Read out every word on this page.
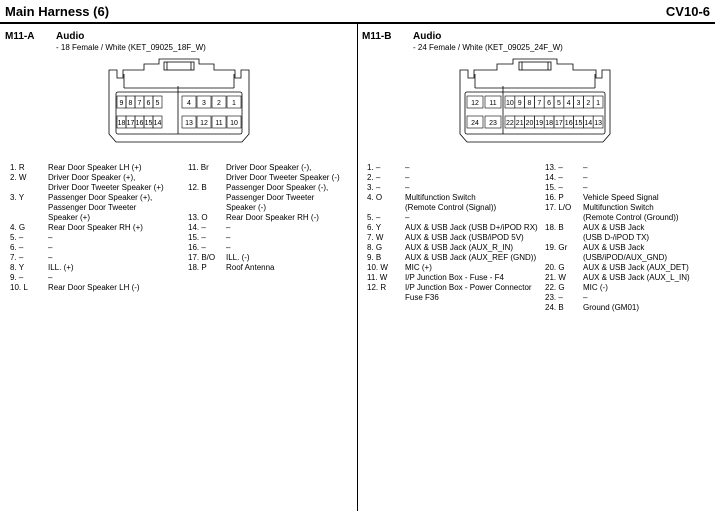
Main Harness (6)	CV10-6
M11-A Audio
- 18 Female / White (KET_09025_18F_W)
9 8 7 6 5	4 3 2 1
18 17 16 15 14	13 12 11 10
1. R	Rear Door Speaker LH (+)
2. W	Driver Door Speaker (+),
Driver Door Tweeter Speaker (+)
3. Y	Passenger Door Speaker (+),
Passenger Door Tweeter
Speaker (+)
4. G	Rear Door Speaker RH (+)
5. –	–
6. –	–
7. –	–
8. Y	ILL. (+)
9. –	–
10. L	Rear Door Speaker LH (-)
11. Br Driver Door Speaker (-),
Driver Door Tweeter Speaker (-)
12. B Passenger Door Speaker (-),
Passenger Door Tweeter
Speaker (-)
13. O Rear Door Speaker RH (-)
14. –	–
15. –	–
16. –	–
17. B/O ILL. (-)
18. P Roof Antenna
M11-B Audio
- 24 Female / White (KET_09025_24F_W)
12 11 10 9 8 7 6 5 4 3 2 1
24 23 22 21 20 19 18 17 16 15 14 13
1. –	–
2. –	–
3. –	–
4. O	Multifunction Switch
(Remote Control (Signal))
5. –	–
6. Y	AUX & USB Jack (USB D+/iPOD RX)
7. W	AUX & USB Jack (USB/iPOD 5V)
8. G	AUX & USB Jack (AUX_R_IN)
9. B	AUX & USB Jack (AUX_REF (GND))
10. W MIC (+)
11. W I/P Junction Box - Fuse - F4
12. R I/P Junction Box - Power Connector
Fuse F36
13. –	–
14. –	–
15. –	–
16. P Vehicle Speed Signal
17. L/O Multifunction Switch
(Remote Control (Ground))
18. B AUX & USB Jack
(USB D-/iPOD TX)
19. Gr AUX & USB Jack
(USB/iPOD/AUX_GND)
20. G AUX & USB Jack (AUX_DET)
21. W AUX & USB Jack (AUX_L_IN)
22. G MIC (-)
23. –	–
24. B Ground (GM01)
